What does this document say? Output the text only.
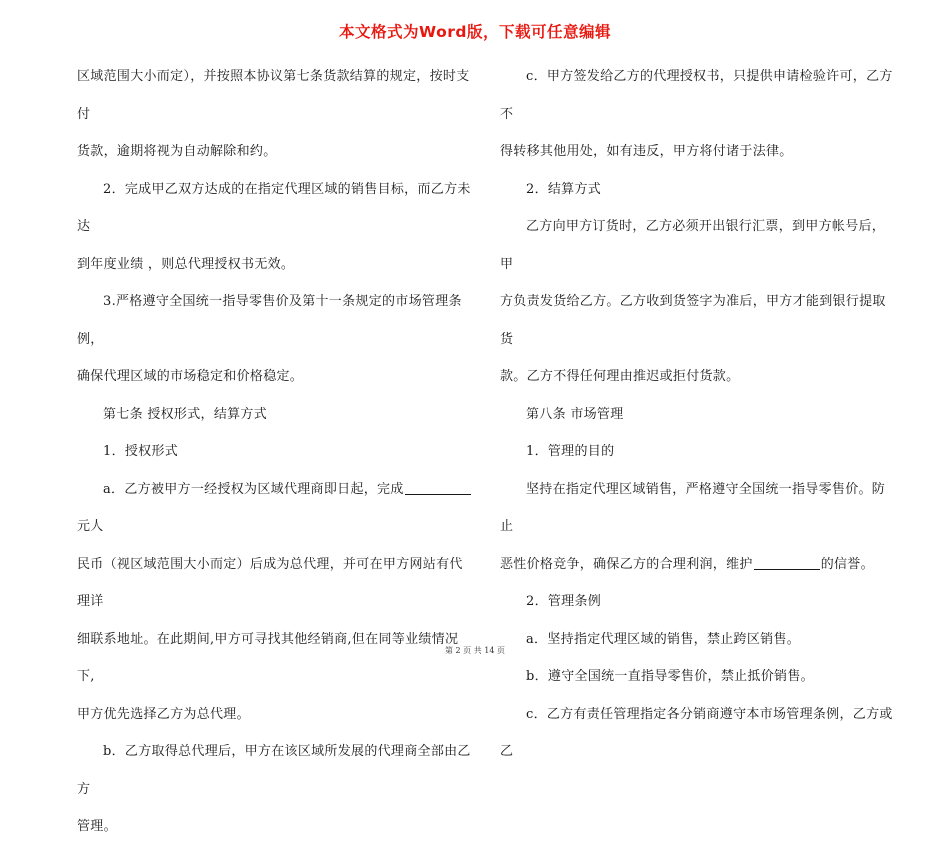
本文格式为Word版，下载可任意编辑

区域范围大小而定），并按照本协议第七条货款结算的规定，按时支付

货款，逾期将视为自动解除和约。

2．完成甲乙双方达成的在指定代理区域的销售目标，而乙方未达

到年度业绩 ，则总代理授权书无效。

3.严格遵守全国统一指导零售价及第十一条规定的市场管理条例，

确保代理区域的市场稳定和价格稳定。

第七条 授权形式，结算方式

1．授权形式

a．乙方被甲方一经授权为区域代理商即日起，完成元人

民币（视区域范围大小而定）后成为总代理，并可在甲方网站有代理详

细联系地址。在此期间,甲方可寻找其他经销商,但在同等业绩情况下,

甲方优先选择乙方为总代理。

b．乙方取得总代理后，甲方在该区域所发展的代理商全部由乙方

管理。

c．甲方签发给乙方的代理授权书，只提供申请检验许可，乙方不

得转移其他用处，如有违反，甲方将付诸于法律。

2．结算方式

乙方向甲方订货时，乙方必须开出银行汇票，到甲方帐号后，甲

方负责发货给乙方。乙方收到货签字为准后，甲方才能到银行提取货

款。乙方不得任何理由推迟或拒付货款。

第八条 市场管理

1．管理的目的

坚持在指定代理区域销售，严格遵守全国统一指导零售价。防止

恶性价格竞争，确保乙方的合理利润，维护	的信誉。

2．管理条例

a．坚持指定代理区域的销售，禁止跨区销售。

b．遵守全国统一直指导零售价，禁止抵价销售。

c．乙方有责任管理指定各分销商遵守本市场管理条例，乙方或乙

第 2 页 共 14 页
